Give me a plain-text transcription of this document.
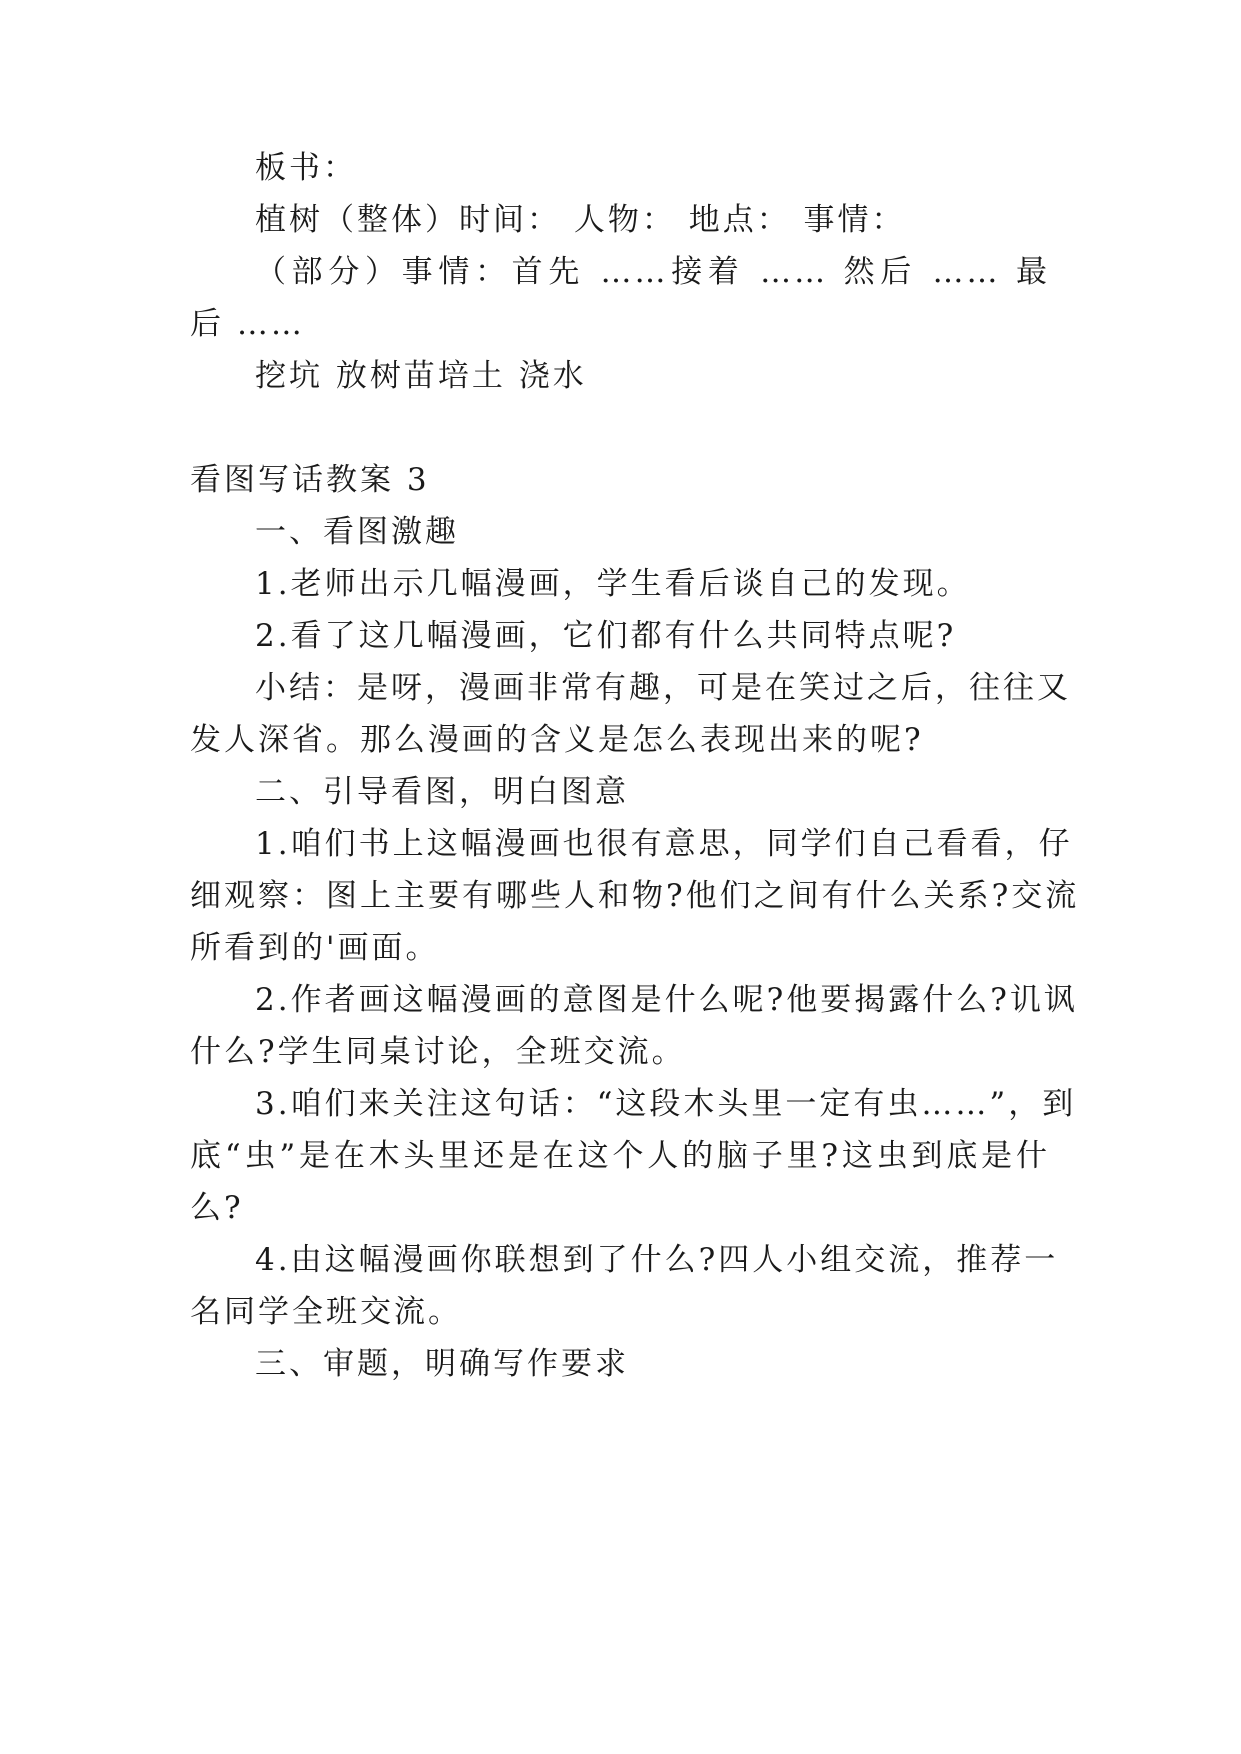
板书：
植树（整体）时间： 人物： 地点： 事情：
（部分）事情：首先 ……接着 …… 然后 …… 最
后 ……
挖坑 放树苗培土 浇水
看图写话教案 3
一、看图激趣
1.老师出示几幅漫画，学生看后谈自己的发现。
2.看了这几幅漫画，它们都有什么共同特点呢?
小结：是呀，漫画非常有趣，可是在笑过之后，往往又
发人深省。那么漫画的含义是怎么表现出来的呢?
二、引导看图，明白图意
1.咱们书上这幅漫画也很有意思，同学们自己看看，仔
细观察：图上主要有哪些人和物?他们之间有什么关系?交流
所看到的'画面。
2.作者画这幅漫画的意图是什么呢?他要揭露什么?讥讽
什么?学生同桌讨论，全班交流。
3.咱们来关注这句话：“这段木头里一定有虫……”，到
底“虫”是在木头里还是在这个人的脑子里?这虫到底是什
么?
4.由这幅漫画你联想到了什么?四人小组交流，推荐一
名同学全班交流。
三、审题，明确写作要求
